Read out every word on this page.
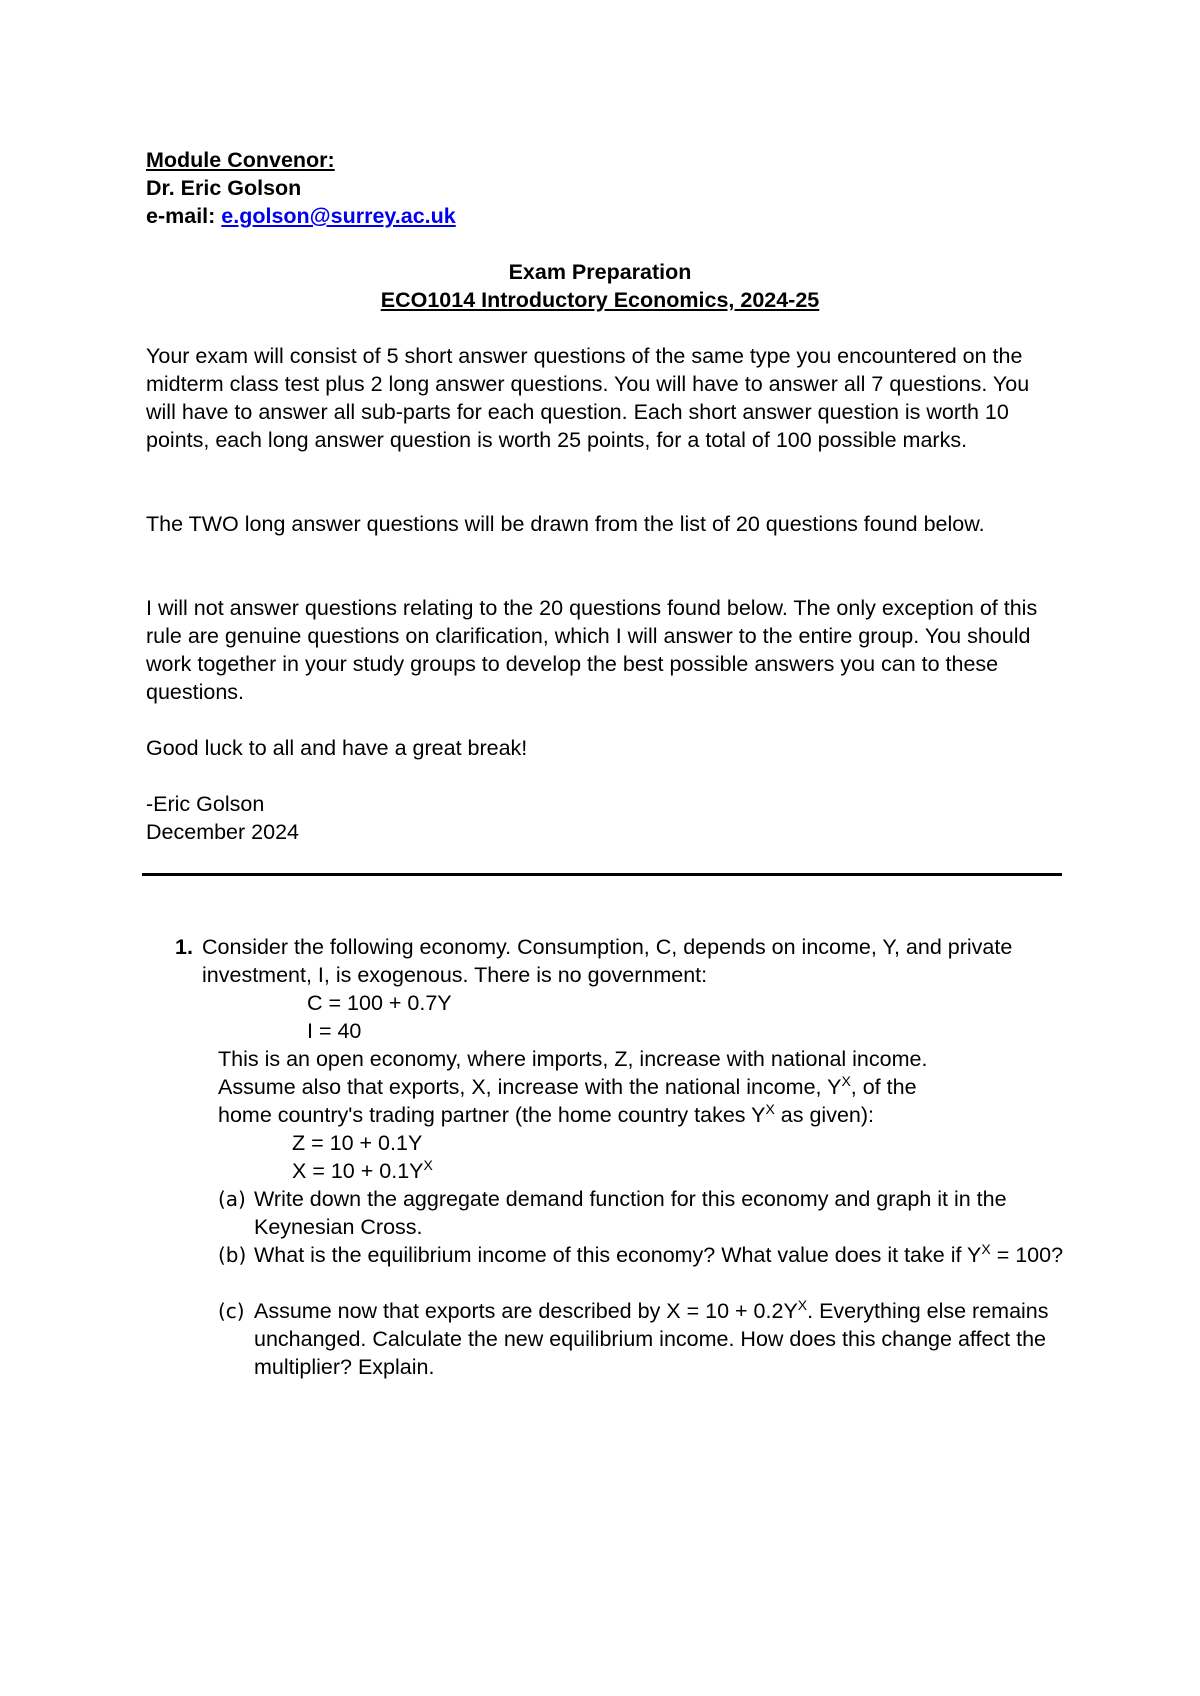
Module Convenor:
Dr. Eric Golson
e-mail: e.golson@surrey.ac.uk
Exam Preparation
ECO1014 Introductory Economics, 2024-25

Your exam will consist of 5 short answer questions of the same type you encountered on the midterm class test plus 2 long answer questions. You will have to answer all 7 questions. You will have to answer all sub-parts for each question. Each short answer question is worth 10 points, each long answer question is worth 25 points, for a total of 100 possible marks.

The TWO long answer questions will be drawn from the list of 20 questions found below.

I will not answer questions relating to the 20 questions found below. The only exception of this rule are genuine questions on clarification, which I will answer to the entire group. You should work together in your study groups to develop the best possible answers you can to these questions.

Good luck to all and have a great break!

-Eric Golson

December 2024

1. Consider the following economy. Consumption, C, depends on income, Y, and private investment, I, is exogenous. There is no government:
C = 100 + 0.7Y
I = 40
This is an open economy, where imports, Z, increase with national income.
Assume also that exports, X, increase with the national income, $Y^X$, of the
home country's trading partner (the home country takes $Y^X$ as given):
Z = 10 + 0.1Y
$X = 10 + 0.1Y^X$
(a) Write down the aggregate demand function for this economy and graph it in the Keynesian Cross.
(b) What is the equilibrium income of this economy? What value does it take if $Y^X = 100$?
(c) Assume now that exports are described by $X = 10 + 0.2Y^X$. Everything else remains unchanged. Calculate the new equilibrium income. How does this change affect the multiplier? Explain.
